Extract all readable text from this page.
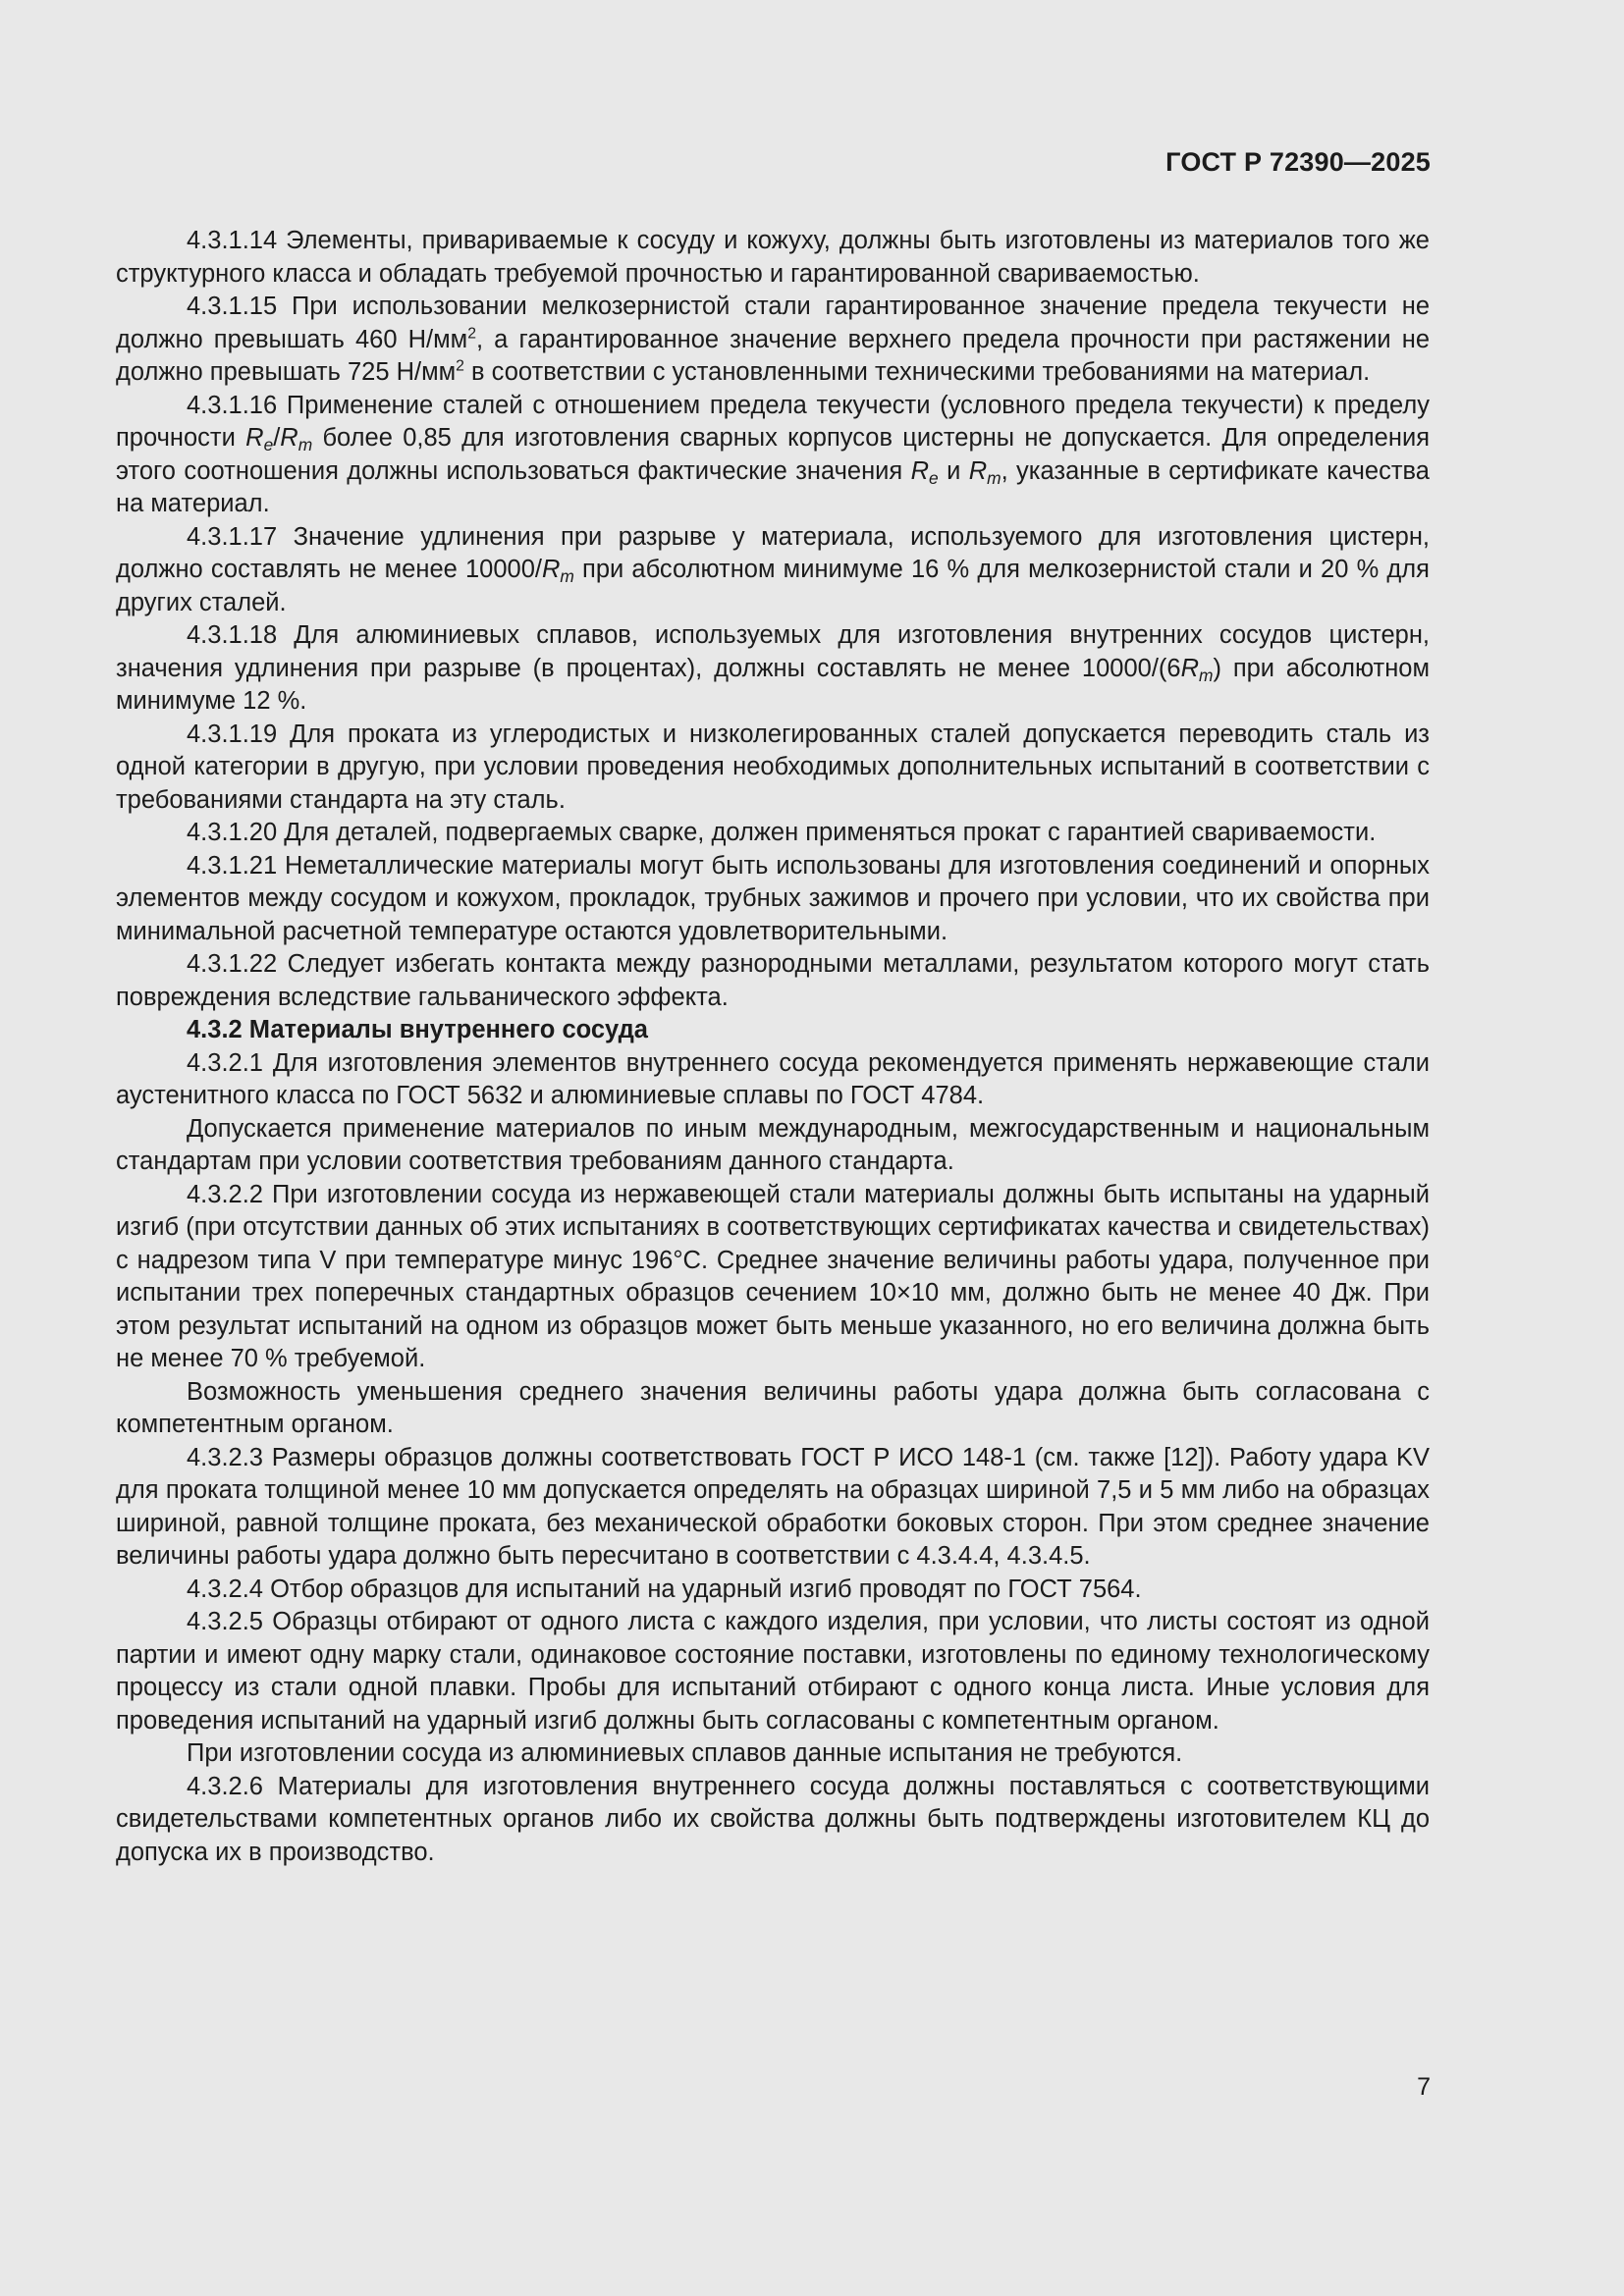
ГОСТ Р 72390—2025

4.3.1.14 Элементы, привариваемые к сосуду и кожуху, должны быть изготовлены из материалов того же структурного класса и обладать требуемой прочностью и гарантированной свариваемостью.

4.3.1.15 При использовании мелкозернистой стали гарантированное значение предела текучести не должно превышать 460 $Н/мм^2$, а гарантированное значение верхнего предела прочности при растяжении не должно превышать 725 $Н/мм^2$ в соответствии с установленными техническими требованиями на материал.

4.3.1.16 Применение сталей с отношением предела текучести (условного предела текучести) к пределу прочности $R_e/R_m$ более 0,85 для изготовления сварных корпусов цистерны не допускается. Для определения этого соотношения должны использоваться фактические значения $R_e$ и $R_m$, указанные в сертификате качества на материал.

4.3.1.17 Значение удлинения при разрыве у материала, используемого для изготовления цистерн, должно составлять не менее $10000/R_m$ при абсолютном минимуме 16 % для мелкозернистой стали и 20 % для других сталей.

4.3.1.18 Для алюминиевых сплавов, используемых для изготовления внутренних сосудов цистерн, значения удлинения при разрыве (в процентах), должны составлять не менее $10000/(6R_m)$ при абсолютном минимуме 12 %.

4.3.1.19 Для проката из углеродистых и низколегированных сталей допускается переводить сталь из одной категории в другую, при условии проведения необходимых дополнительных испытаний в соответствии с требованиями стандарта на эту сталь.

4.3.1.20 Для деталей, подвергаемых сварке, должен применяться прокат с гарантией свариваемости.

4.3.1.21 Неметаллические материалы могут быть использованы для изготовления соединений и опорных элементов между сосудом и кожухом, прокладок, трубных зажимов и прочего при условии, что их свойства при минимальной расчетной температуре остаются удовлетворительными.

4.3.1.22 Следует избегать контакта между разнородными металлами, результатом которого могут стать повреждения вследствие гальванического эффекта.

4.3.2 Материалы внутреннего сосуда

4.3.2.1 Для изготовления элементов внутреннего сосуда рекомендуется применять нержавеющие стали аустенитного класса по ГОСТ 5632 и алюминиевые сплавы по ГОСТ 4784.

Допускается применение материалов по иным международным, межгосударственным и национальным стандартам при условии соответствия требованиям данного стандарта.

4.3.2.2 При изготовлении сосуда из нержавеющей стали материалы должны быть испытаны на ударный изгиб (при отсутствии данных об этих испытаниях в соответствующих сертификатах качества и свидетельствах) с надрезом типа V при температуре минус 196°С. Среднее значение величины работы удара, полученное при испытании трех поперечных стандартных образцов сечением 10×10 мм, должно быть не менее 40 Дж. При этом результат испытаний на одном из образцов может быть меньше указанного, но его величина должна быть не менее 70 % требуемой.

Возможность уменьшения среднего значения величины работы удара должна быть согласована с компетентным органом.

4.3.2.3 Размеры образцов должны соответствовать ГОСТ Р ИСО 148-1 (см. также [12]). Работу удара KV для проката толщиной менее 10 мм допускается определять на образцах шириной 7,5 и 5 мм либо на образцах шириной, равной толщине проката, без механической обработки боковых сторон. При этом среднее значение величины работы удара должно быть пересчитано в соответствии с 4.3.4.4, 4.3.4.5.

4.3.2.4 Отбор образцов для испытаний на ударный изгиб проводят по ГОСТ 7564.

4.3.2.5 Образцы отбирают от одного листа с каждого изделия, при условии, что листы состоят из одной партии и имеют одну марку стали, одинаковое состояние поставки, изготовлены по единому технологическому процессу из стали одной плавки. Пробы для испытаний отбирают с одного конца листа. Иные условия для проведения испытаний на ударный изгиб должны быть согласованы с компетентным органом.

При изготовлении сосуда из алюминиевых сплавов данные испытания не требуются.

4.3.2.6 Материалы для изготовления внутреннего сосуда должны поставляться с соответствующими свидетельствами компетентных органов либо их свойства должны быть подтверждены изготовителем КЦ до допуска их в производство.

7
